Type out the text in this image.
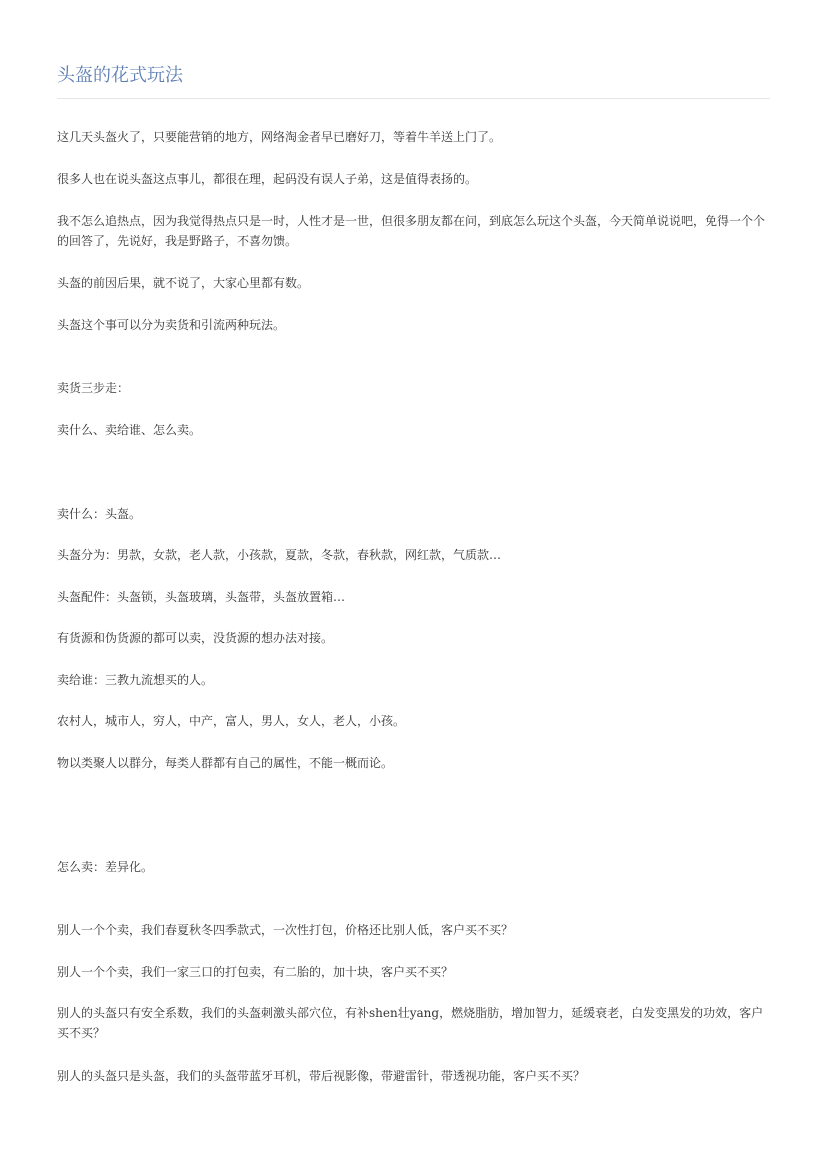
头盔的花式玩法

这几天头盔火了，只要能营销的地方，网络淘金者早已磨好刀，等着牛羊送上门了。

很多人也在说头盔这点事儿，都很在理，起码没有误人子弟，这是值得表扬的。

我不怎么追热点，因为我觉得热点只是一时，人性才是一世，但很多朋友都在问，到底怎么玩这个头盔，今天简单说说吧，免得一个个的回答了，先说好，我是野路子，不喜勿馈。

头盔的前因后果，就不说了，大家心里都有数。

头盔这个事可以分为卖货和引流两种玩法。

卖货三步走：

卖什么、卖给谁、怎么卖。

卖什么：头盔。

头盔分为：男款，女款，老人款，小孩款，夏款，冬款，春秋款，网红款，气质款…

头盔配件：头盔锁，头盔玻璃，头盔带，头盔放置箱…

有货源和伪货源的都可以卖，没货源的想办法对接。

卖给谁：三教九流想买的人。

农村人，城市人，穷人，中产，富人，男人，女人，老人，小孩。

物以类聚人以群分，每类人群都有自己的属性，不能一概而论。

怎么卖：差异化。

别人一个个卖，我们春夏秋冬四季款式，一次性打包，价格还比别人低，客户买不买？

别人一个个卖，我们一家三口的打包卖，有二胎的，加十块，客户买不买？

别人的头盔只有安全系数，我们的头盔刺激头部穴位，有补shen壮yang，燃烧脂肪，增加智力，延缓衰老，白发变黑发的功效，客户买不买？

别人的头盔只是头盔，我们的头盔带蓝牙耳机，带后视影像，带避雷针，带透视功能，客户买不买？
